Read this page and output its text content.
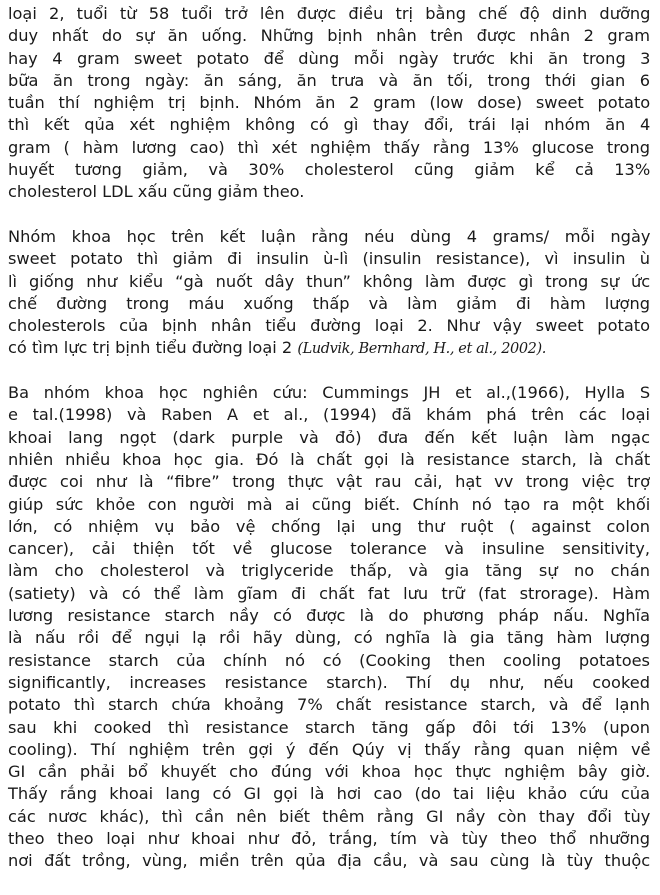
loại 2, tuổi từ 58 tuổi trở lên được điều trị bằng chế độ dinh dưỡng
duy nhất do sự ăn uống. Những bịnh nhân trên được nhân 2 gram
hay 4 gram sweet potato để dùng mỗi ngày trước khi ăn trong 3
bữa ăn trong ngày: ăn sáng, ăn trưa và ăn tối, trong thới gian 6
tuần thí nghiệm trị bịnh. Nhóm ăn 2 gram (low dose) sweet potato
thì kết qủa xét nghiệm không có gì thay đổi, trái lại nhóm ăn 4
gram ( hàm lương cao) thì xét nghiệm thấy rằng 13% glucose trong
huyết tương giảm, và 30% cholesterol cũng giảm kể cả 13%
cholesterol LDL xấu cũng giảm theo.
Nhóm khoa học trên kết luận rằng néu dùng 4 grams/ mỗi ngày
sweet potato thì giảm đi insulin ù-lì (insulin resistance), vì insulin ù
lì giống như kiểu “gà nuốt dây thun” không làm được gì trong sự ức
chế đường trong máu xuống thấp và làm giảm đi hàm lượng
cholesterols của bịnh nhân tiểu đường loại 2. Như vậy sweet potato
có tìm lực trị bịnh tiểu đường loại 2 (Ludvik, Bernhard, H., et al., 2002).
Ba nhóm khoa học nghiên cứu: Cummings JH et al.,(1966), Hylla S
e tal.(1998) và Raben A et al., (1994) đã khám phá trên các loại
khoai lang ngọt (dark purple và đỏ) đưa đến kết luận làm ngạc
nhiên nhiều khoa học gia. Đó là chất gọi là resistance starch, là chất
được coi như là “fibre” trong thực vật rau cải, hạt vv trong việc trợ
giúp sức khỏe con người mà ai cũng biết. Chính nó tạo ra một khối
lớn, có nhiệm vụ bảo vệ chống lại ung thư ruột ( against colon
cancer), cải thiện tốt về glucose tolerance và insuline sensitivity,
làm cho cholesterol và triglyceride thấp, và gia tăng sự no chán
(satiety) và có thể làm gĩam đi chất fat lưu trữ (fat strorage). Hàm
lương resistance starch nầy có được là do phương pháp nấu. Nghĩa
là nấu rồi để ngụi lạ rồi hãy dùng, có nghĩa là gia tăng hàm lượng
resistance starch của chính nó có (Cooking then cooling potatoes
significantly, increases resistance starch). Thí dụ như, nếu cooked
potato thì starch chứa khoảng 7% chất resistance starch, và để lạnh
sau khi cooked thì resistance starch tăng gấp đôi tới 13% (upon
cooling). Thí nghiệm trên gợi ý đến Qúy vị thấy rằng quan niệm về
GI cần phải bổ khuyết cho đúng với khoa học thực nghiệm bây giờ.
Thấy rắng khoai lang có GI gọi là hơi cao (do tai liệu khảo cứu của
các nươc khác), thì cần nên biết thêm rằng GI nầy còn thay đổi tùy
theo theo loại như khoai như đỏ, trắng, tím và tùy theo thổ nhưỡng
nơi đất trồng, vùng, miền trên qủa địa cầu, và sau cùng là tùy thuộc
